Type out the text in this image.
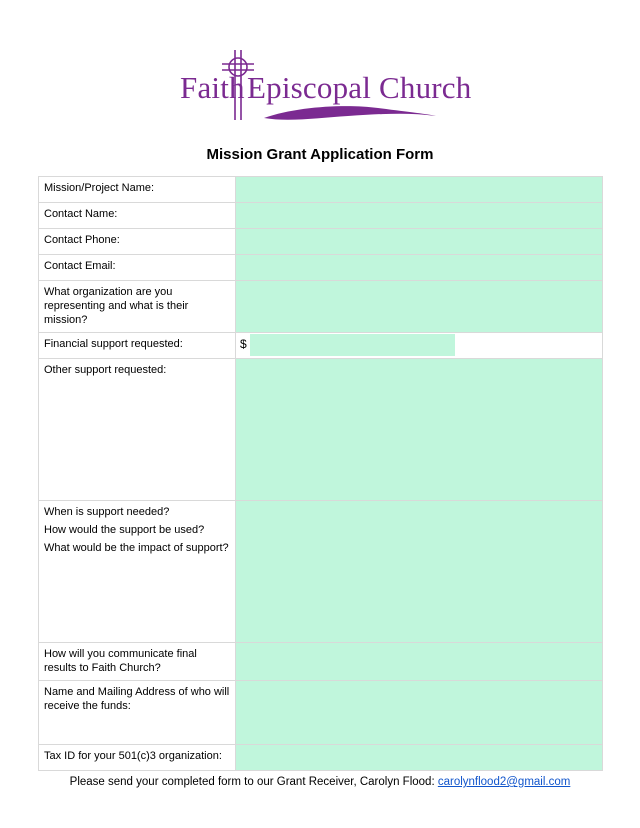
Faith Episcopal Church
Mission Grant Application Form
Mission/Project Name:	
Contact Name:	
Contact Phone:	
Contact Email:	
What organization are you representing and what is their mission?	
Financial support requested:	$

Other support requested:	

When is support needed?

How would the support be used?

What would be the impact of support?	

How will you communicate final results to Faith Church?	
Name and Mailing Address of who will receive the funds:	
Tax ID for your 501(c)3 organization:	
Please send your completed form to our Grant Receiver, Carolyn Flood: carolynflood2@gmail.com
